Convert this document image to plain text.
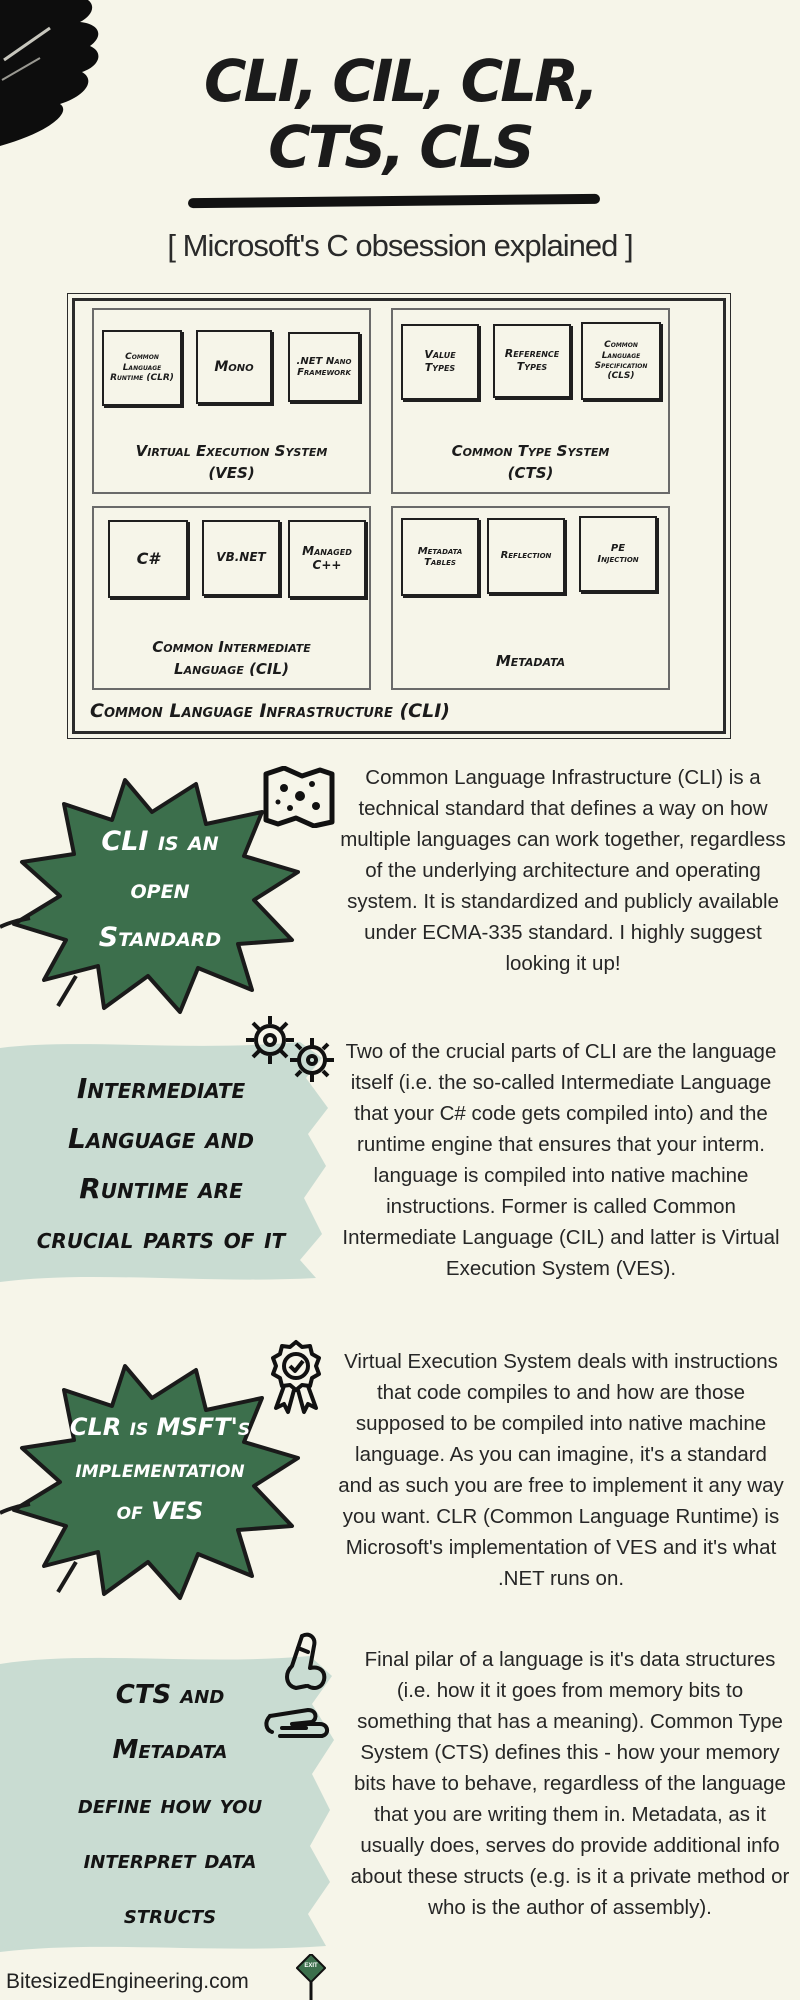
CLI, CIL, CLR,
CTS, CLS
[ Microsoft's C obsession explained ]
Common
Language
Runtime (CLR)
Mono	.NET Nano
Framework
Virtual Execution System
(VES)
Value
Types
Reference
Types
Common
Language
Specification
(CLS)
Common Type System
(CTS)
C#	VB.NET	Managed
C++
Common Intermediate
Language (CIL)
Metadata
Tables
Reflection
PE
Injection
Metadata
Common Language Infrastructure (CLI)
CLI is an
open
Standard
Common Language Infrastructure (CLI) is a technical standard that defines a way on how multiple languages can work together, regardless of the underlying architecture and operating system. It is standardized and publicly available under ECMA-335 standard. I highly suggest looking it up!
Intermediate
Language and
Runtime are
crucial parts of it
Two of the crucial parts of CLI are the language itself (i.e. the so-called Intermediate Language that your C# code gets compiled into) and the runtime engine that ensures that your interm. language is compiled into native machine instructions. Former is called Common Intermediate Language (CIL) and latter is Virtual Execution System (VES).
CLR is MSFT's
implementation
of VES
Virtual Execution System deals with instructions that code compiles to and how are those supposed to be compiled into native machine language. As you can imagine, it's a standard and as such you are free to implement it any way you want. CLR (Common Language Runtime) is Microsoft's implementation of VES and it's what .NET runs on.
CTS and
Metadata
define how you
interpret data
structs
Final pilar of a language is it's data structures (i.e. how it it goes from memory bits to something that has a meaning). Common Type System (CTS) defines this - how your memory bits have to behave, regardless of the language that you are writing them in. Metadata, as it usually does, serves do provide additional info about these structs (e.g. is it a private method or who is the author of assembly).
BitesizedEngineering.com
EXIT
